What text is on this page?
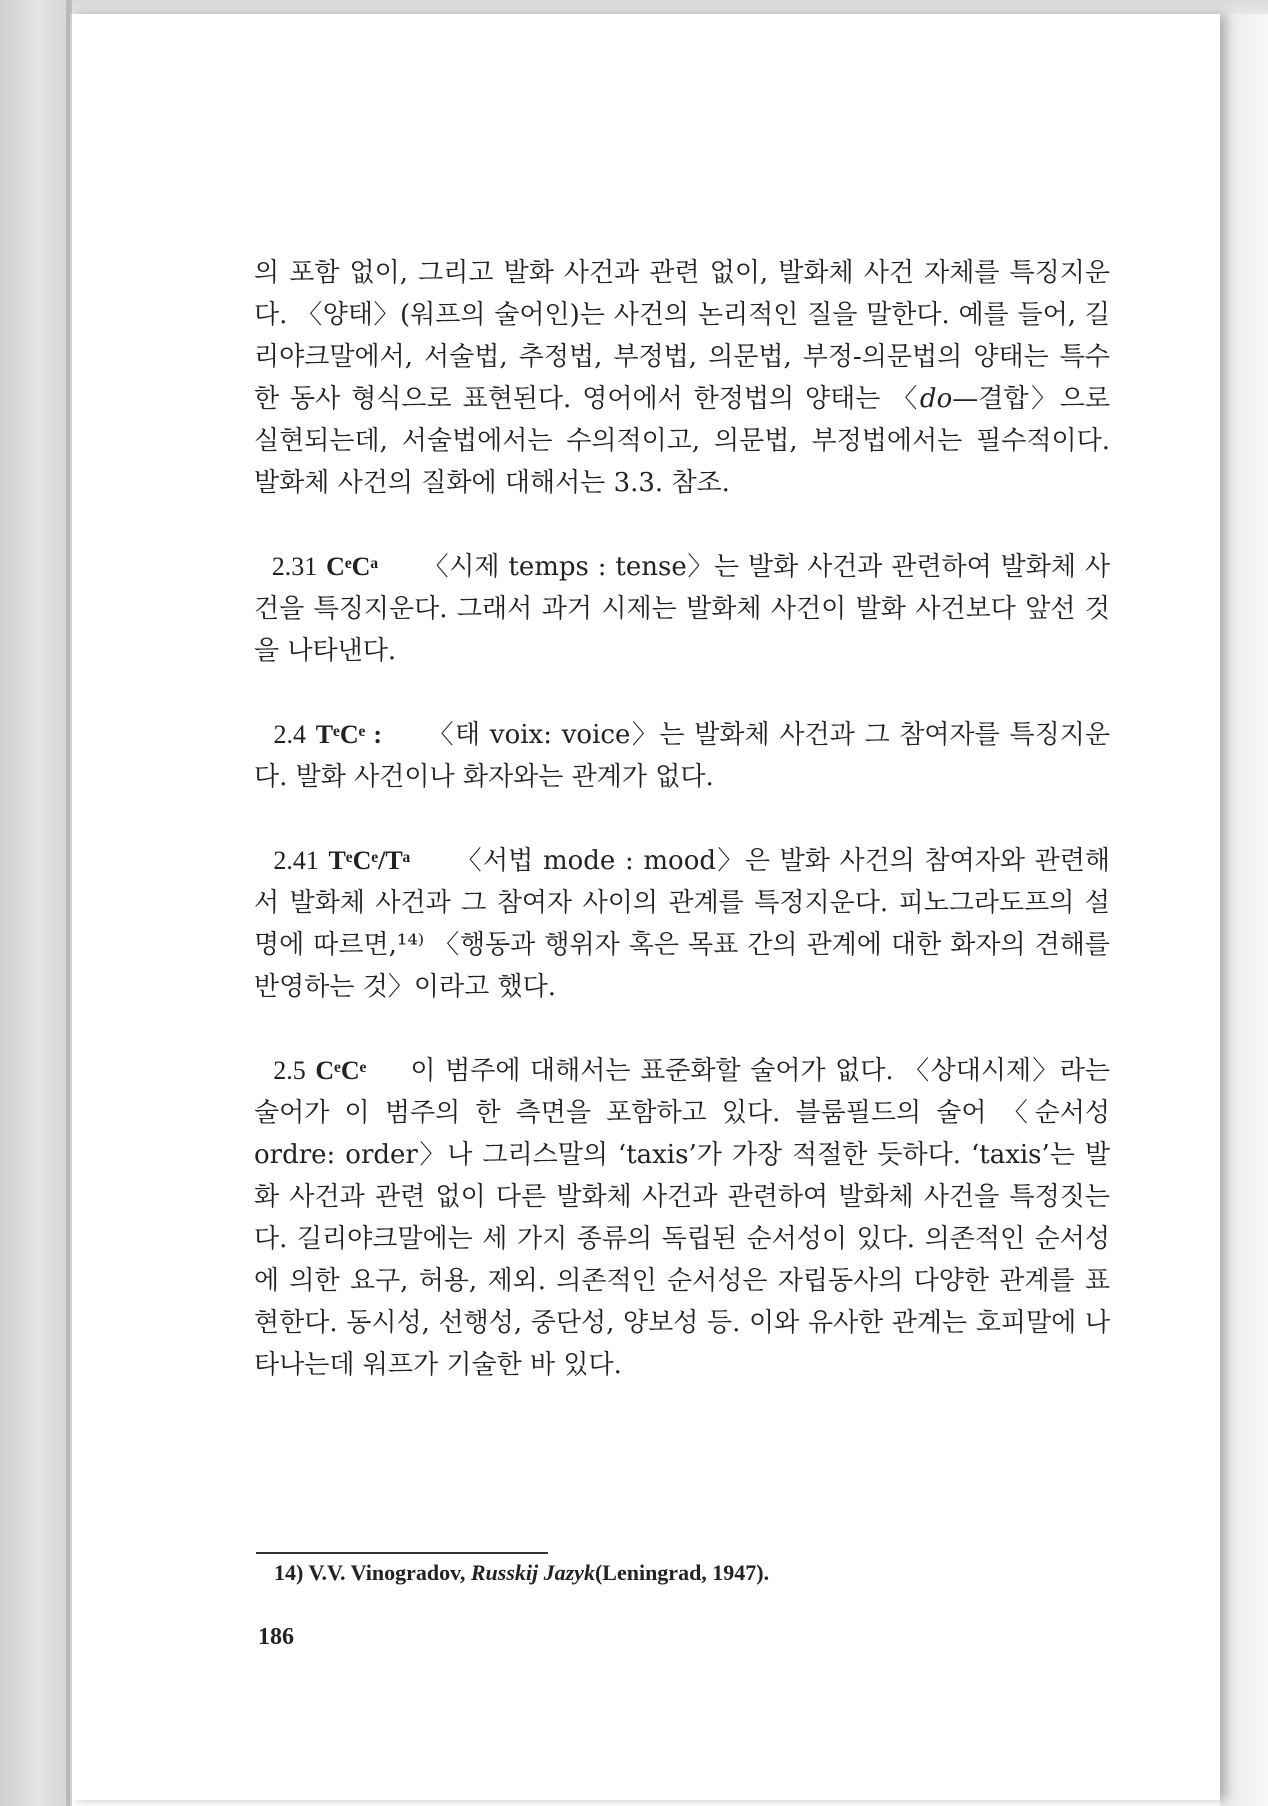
의 포함 없이, 그리고 발화 사건과 관련 없이, 발화체 사건 자체를 특징지운다. 〈양태〉(워프의 술어인)는 사건의 논리적인 질을 말한다. 예를 들어, 길리야크말에서, 서술법, 추정법, 부정법, 의문법, 부정-의문법의 양태는 특수한 동사 형식으로 표현된다. 영어에서 한정법의 양태는 〈do—결합〉으로 실현되는데, 서술법에서는 수의적이고, 의문법, 부정법에서는 필수적이다. 발화체 사건의 질화에 대해서는 3.3. 참조.

2.31 CᵉCᵃ 〈시제 temps : tense〉는 발화 사건과 관련하여 발화체 사건을 특징지운다. 그래서 과거 시제는 발화체 사건이 발화 사건보다 앞선 것을 나타낸다.

2.4 TᵉCᵉ : 〈태 voix: voice〉는 발화체 사건과 그 참여자를 특징지운다. 발화 사건이나 화자와는 관계가 없다.

2.41 TᵉCᵉ/Tᵃ 〈서법 mode : mood〉은 발화 사건의 참여자와 관련해서 발화체 사건과 그 참여자 사이의 관계를 특정지운다. 피노그라도프의 설명에 따르면,¹⁴⁾ 〈행동과 행위자 혹은 목표 간의 관계에 대한 화자의 견해를 반영하는 것〉이라고 했다.

2.5 CᵉCᵉ 이 범주에 대해서는 표준화할 술어가 없다. 〈상대시제〉라는 술어가 이 범주의 한 측면을 포함하고 있다. 블룸필드의 술어 〈순서성 ordre: order〉나 그리스말의 ‘taxis’가 가장 적절한 듯하다. ‘taxis’는 발화 사건과 관련 없이 다른 발화체 사건과 관련하여 발화체 사건을 특정짓는다. 길리야크말에는 세 가지 종류의 독립된 순서성이 있다. 의존적인 순서성에 의한 요구, 허용, 제외. 의존적인 순서성은 자립동사의 다양한 관계를 표현한다. 동시성, 선행성, 중단성, 양보성 등. 이와 유사한 관계는 호피말에 나타나는데 워프가 기술한 바 있다.

14) V.V. Vinogradov, Russkij Jazyk(Leningrad, 1947).
186
